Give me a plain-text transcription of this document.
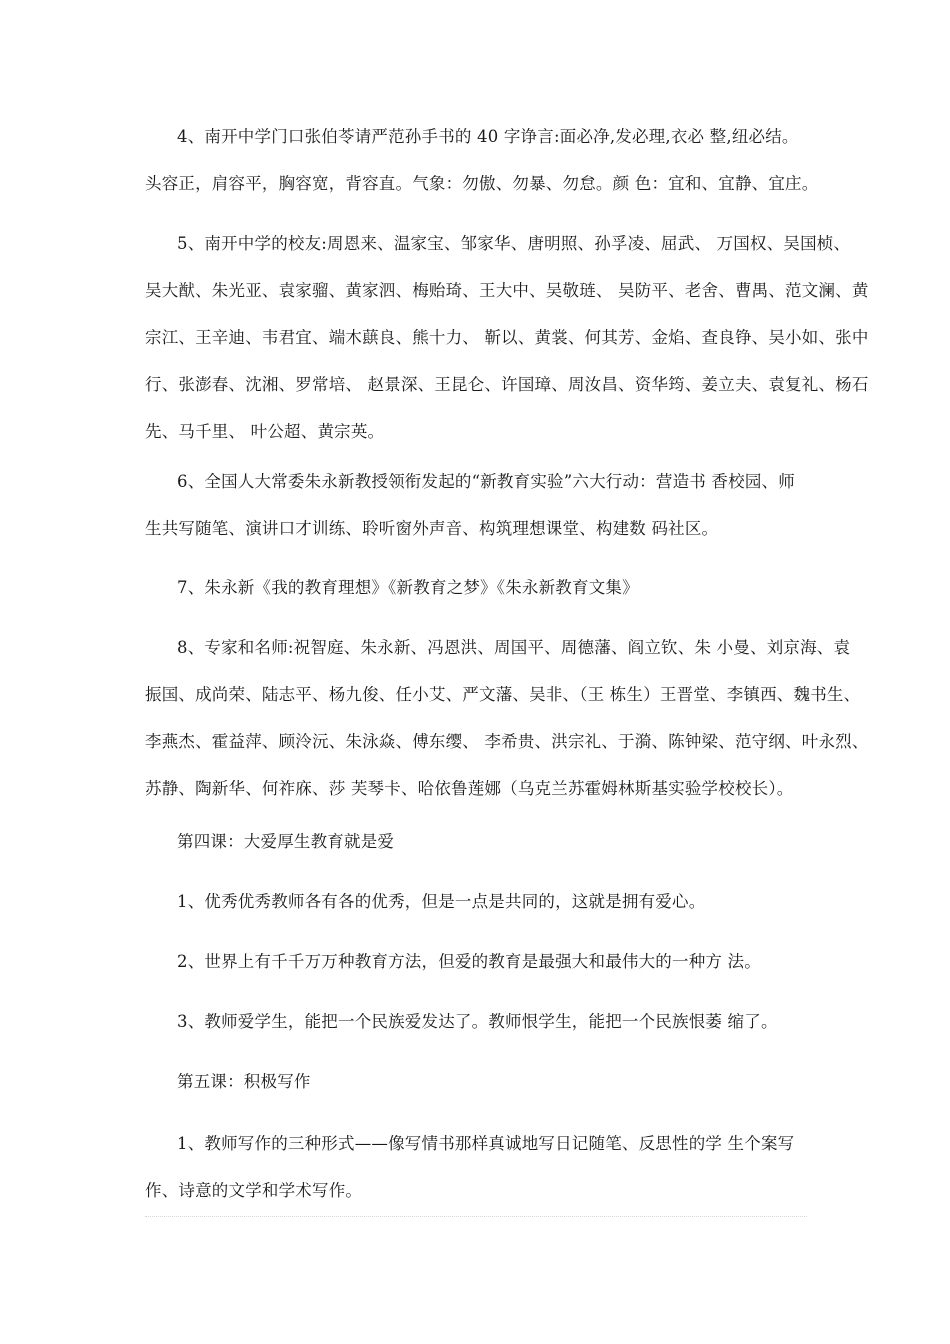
4、南开中学门口张伯苓请严范孙手书的 40 字诤言:面必净,发必理,衣必 整,纽必结。
头容正，肩容平，胸容宽，背容直。气象：勿傲、勿暴、勿怠。颜 色：宜和、宜静、宜庄。

5、南开中学的校友:周恩来、温家宝、邹家华、唐明照、孙孚凌、屈武、 万国权、吴国桢、
吴大猷、朱光亚、袁家骝、黄家泗、梅贻琦、王大中、吴敬琏、 吴防平、老舍、曹禺、范文澜、黄
宗江、王辛迪、韦君宜、端木蕻良、熊十力、 靳以、黄裳、何其芳、金焰、查良铮、吴小如、张中
行、张澎春、沈湘、罗常培、 赵景深、王昆仑、许国璋、周汝昌、资华筠、姜立夫、袁复礼、杨石
先、马千里、 叶公超、黄宗英。

6、全国人大常委朱永新教授领衔发起的“新教育实验”六大行动：营造书 香校园、师
生共写随笔、演讲口才训练、聆听窗外声音、构筑理想课堂、构建数 码社区。

7、朱永新《我的教育理想》《新教育之梦》《朱永新教育文集》

8、专家和名师:祝智庭、朱永新、冯恩洪、周国平、周德藩、阎立钦、朱 小曼、刘京海、袁
振国、成尚荣、陆志平、杨九俊、任小艾、严文藩、吴非、（王 栋生）王晋堂、李镇西、魏书生、
李燕杰、霍益萍、顾泠沅、朱泳焱、傅东缨、 李希贵、洪宗礼、于漪、陈钟梁、范守纲、叶永烈、
苏静、陶新华、何祚庥、莎 芙琴卡、哈依鲁莲娜（乌克兰苏霍姆林斯基实验学校校长）。

第四课：大爱厚生教育就是爱

1、优秀优秀教师各有各的优秀，但是一点是共同的，这就是拥有爱心。

2、世界上有千千万万种教育方法，但爱的教育是最强大和最伟大的一种方 法。

3、教师爱学生，能把一个民族爱发达了。教师恨学生，能把一个民族恨萎 缩了。

第五课：积极写作

1、教师写作的三种形式——像写情书那样真诚地写日记随笔、反思性的学 生个案写
作、诗意的文学和学术写作。
